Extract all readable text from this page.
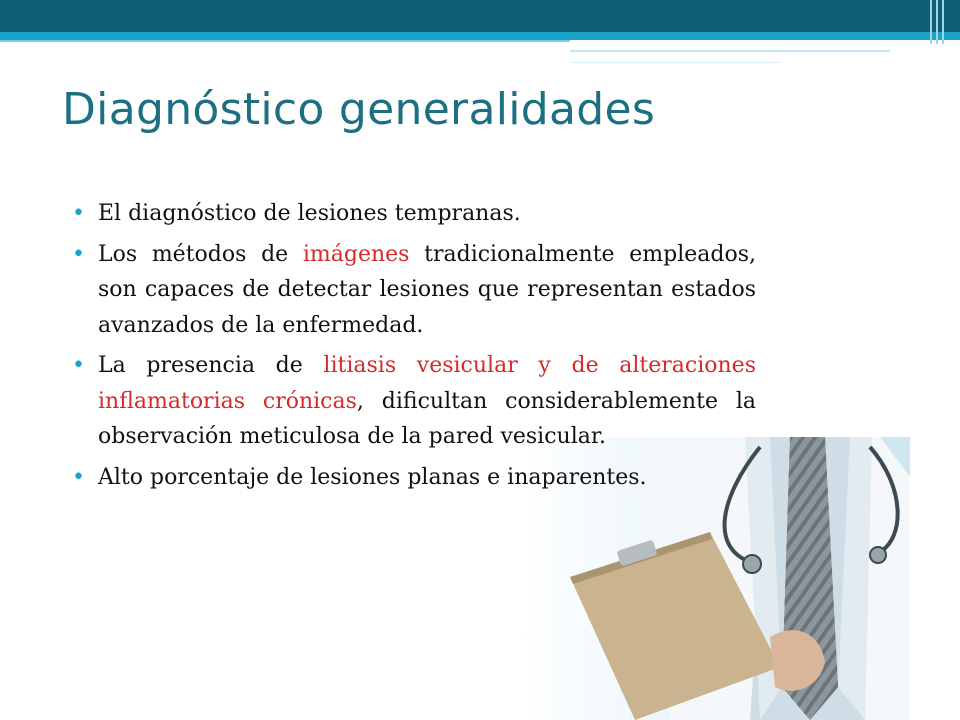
Diagnóstico generalidades

• El diagnóstico de lesiones tempranas.

• Los métodos de imágenes tradicionalmente empleados, son capaces de detectar lesiones que representan estados avanzados de la enfermedad.

• La presencia de litiasis vesicular y de alteraciones inflamatorias crónicas, dificultan considerablemente la observación meticulosa de la pared vesicular.

• Alto porcentaje de lesiones planas e inaparentes.
